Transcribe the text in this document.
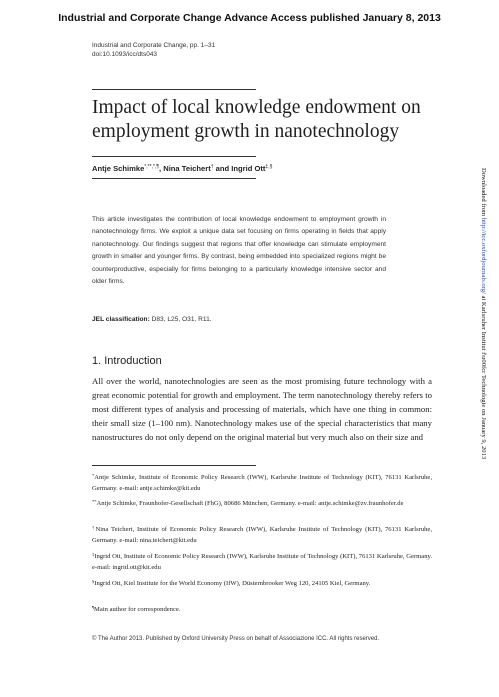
Industrial and Corporate Change Advance Access published January 8, 2013
Industrial and Corporate Change, pp. 1–31
doi:10.1093/icc/dts043
Impact of local knowledge endowment on employment growth in nanotechnology
Antje Schimke*,**,*,¶, Nina Teichert† and Ingrid Ott‡,§
This article investigates the contribution of local knowledge endowment to employment growth in nanotechnology firms. We exploit a unique data set focusing on firms operating in fields that apply nanotechnology. Our findings suggest that regions that offer knowledge can stimulate employment growth in smaller and younger firms. By contrast, being embedded into specialized regions might be counterproductive, especially for firms belonging to a particularly knowledge intensive sector and older firms.
JEL classification: D83, L25, O31, R11.
1. Introduction
All over the world, nanotechnologies are seen as the most promising future technology with a great economic potential for growth and employment. The term nanotechnology thereby refers to most different types of analysis and processing of materials, which have one thing in common: their small size (1–100 nm). Nanotechnology makes use of the special characteristics that many nanostructures do not only depend on the original material but very much also on their size and
*Antje Schimke, Institute of Economic Policy Research (IWW), Karlsruhe Institute of Technology (KIT), 76131 Karlsruhe, Germany. e-mail: antje.schimke@kit.edu
**Antje Schimke, Fraunhofer-Gesellschaft (FhG), 80686 München, Germany. e-mail: antje.schimke@zv.fraunhofer.de
†Nina Teichert, Institute of Economic Policy Research (IWW), Karlsruhe Institute of Technology (KIT), 76131 Karlsruhe, Germany. e-mail: nina.teichert@kit.edu
‡Ingrid Ott, Institute of Economic Policy Research (IWW), Karlsruhe Institute of Technology (KIT), 76131 Karlsruhe, Germany. e-mail: ingrid.ott@kit.edu
§Ingrid Ott, Kiel Institute for the World Economy (IfW), Düsternbrooker Weg 120, 24105 Kiel, Germany.
¶Main author for correspondence.
© The Author 2013. Published by Oxford University Press on behalf of Associazione ICC. All rights reserved.
Downloaded from http://icc.oxfordjournals.org/ at Karlsruher Institut f\u00fcr Technologie on January 9, 2013
